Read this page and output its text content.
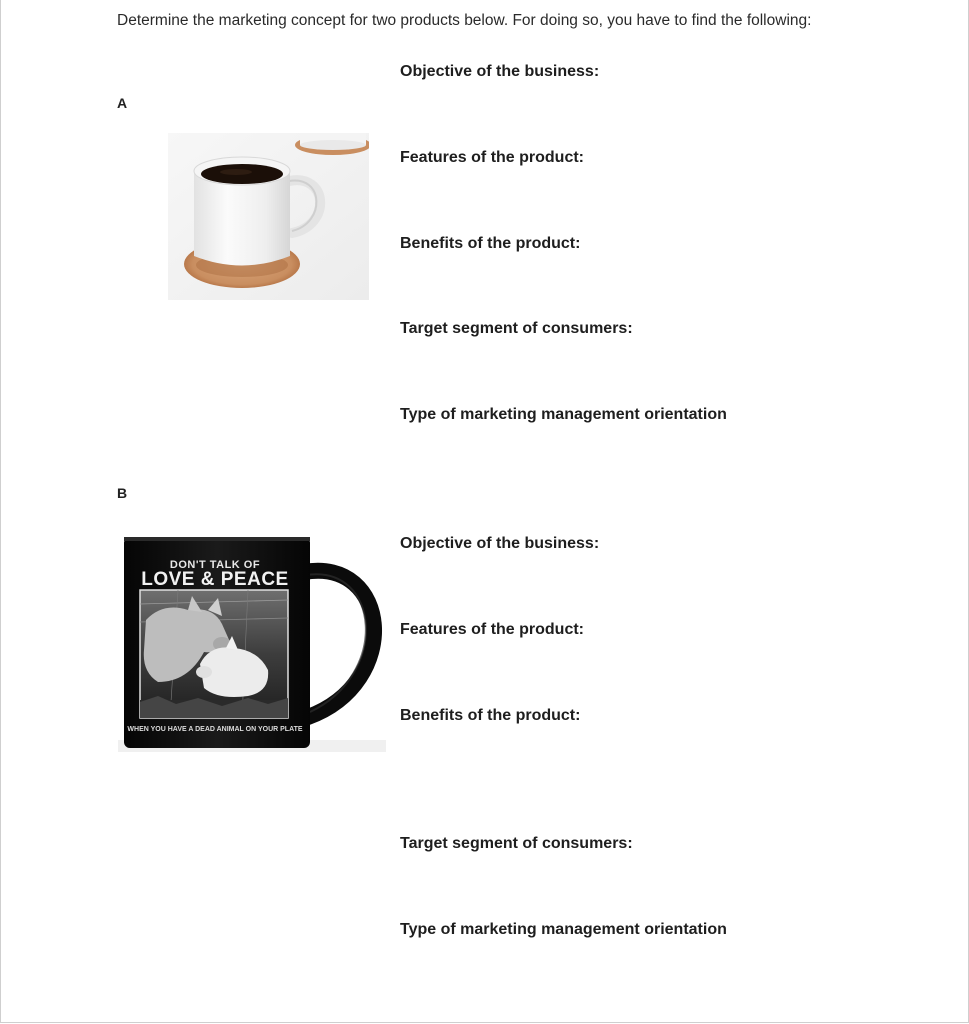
Determine the marketing concept for two products below. For doing so, you have to find the following:
A
Objective of the business:
Features of the product:
Benefits of the product:
Target segment of consumers:
Type of marketing management orientation
B
Objective of the business:
Features of the product:
Benefits of the product:
Target segment of consumers:
Type of marketing management orientation
DON'T TALK OF
LOVE & PEACE
WHEN YOU HAVE A DEAD ANIMAL ON YOUR PLATE
